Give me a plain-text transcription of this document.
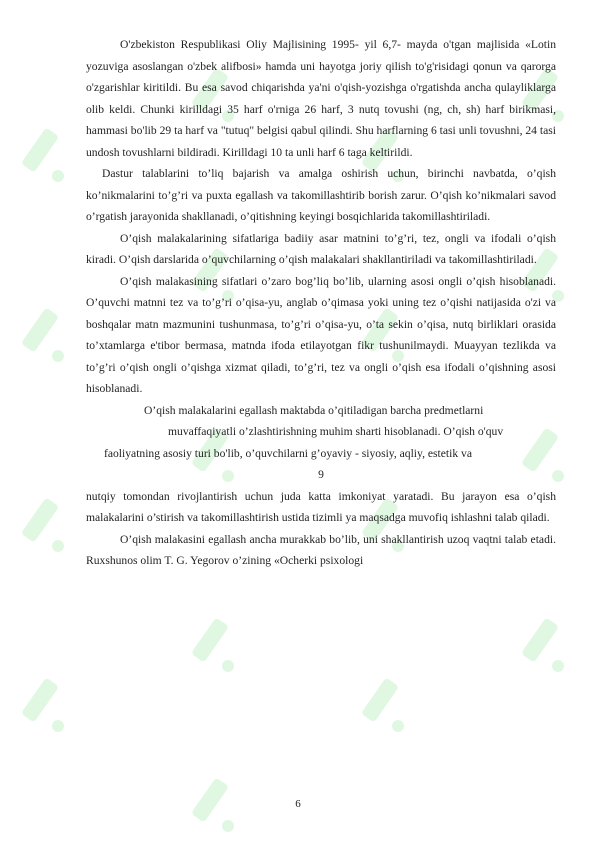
O'zbekiston Respublikasi Oliy Majlisining 1995- yil 6,7- mayda o'tgan majlisida «Lotin yozuviga asoslangan o'zbek alifbosi» hamda uni hayotga joriy qilish to'g'risidagi qonun va qarorga o'zgarishlar kiritildi. Bu esa savod chiqarishda ya'ni o'qish-yozishga o'rgatishda ancha qulayliklarga olib keldi. Chunki kirilldagi 35 harf o'rniga 26 harf, 3 nutq tovushi (ng, ch, sh) harf birikmasi, hammasi bo'lib 29 ta harf va "tutuq" belgisi qabul qilindi. Shu harflarning 6 tasi unli tovushni, 24 tasi undosh tovushlarni bildiradi. Kirilldagi 10 ta unli harf 6 taga keltirildi.

Dastur talablarini to’liq bajarish va amalga oshirish uchun, birinchi navbatda, o’qish ko’nikmalarini to’g’ri va puxta egallash va takomillashtirib borish zarur. O’qish ko’nikmalari savod o’rgatish jarayonida shakllanadi, o’qitishning keyingi bosqichlarida takomillashtiriladi.

O’qish malakalarining sifatlariga badiiy asar matnini to’g’ri, tez, ongli va ifodali o’qish kiradi. O’qish darslarida o’quvchilarning o’qish malakalari shakllantiriladi va takomillashtiriladi.

O’qish malakasining sifatlari o’zaro bog’liq bo’lib, ularning asosi ongli o’qish hisoblanadi. O’quvchi matnni tez va to’g’ri o’qisa-yu, anglab o’qimasa yoki uning tez o’qishi natijasida o'zi va boshqalar matn mazmunini tushunmasa, to’g’ri o’qisa-yu, o’ta sekin o’qisa, nutq birliklari orasida to’xtamlarga e'tibor bermasa, matnda ifoda etilayotgan fikr tushunilmaydi. Muayyan tezlikda va to’g’ri o’qish ongli o’qishga xizmat qiladi, to’g’ri, tez va ongli o’qish esa ifodali o’qishning asosi hisoblanadi.

O’qish malakalarini egallash maktabda o’qitiladigan barcha predmetlarni
muvaffaqiyatli o’zlashtirishning muhim sharti hisoblanadi. O’qish o'quv
faoliyatning asosiy turi bo'lib, o’quvchilarni g’oyaviy - siyosiy, aqliy, estetik va
9

nutqiy tomondan rivojlantirish uchun juda katta imkoniyat yaratadi. Bu jarayon esa o’qish malakalarini o’stirish va takomillashtirish ustida tizimli ya maqsadga muvofiq ishlashni talab qiladi.

O’qish malakasini egallash ancha murakkab bo’lib, uni shakllantirish uzoq vaqtni talab etadi. Ruxshunos olim T. G. Yegorov o’zining «Ocherki psixologi

6
